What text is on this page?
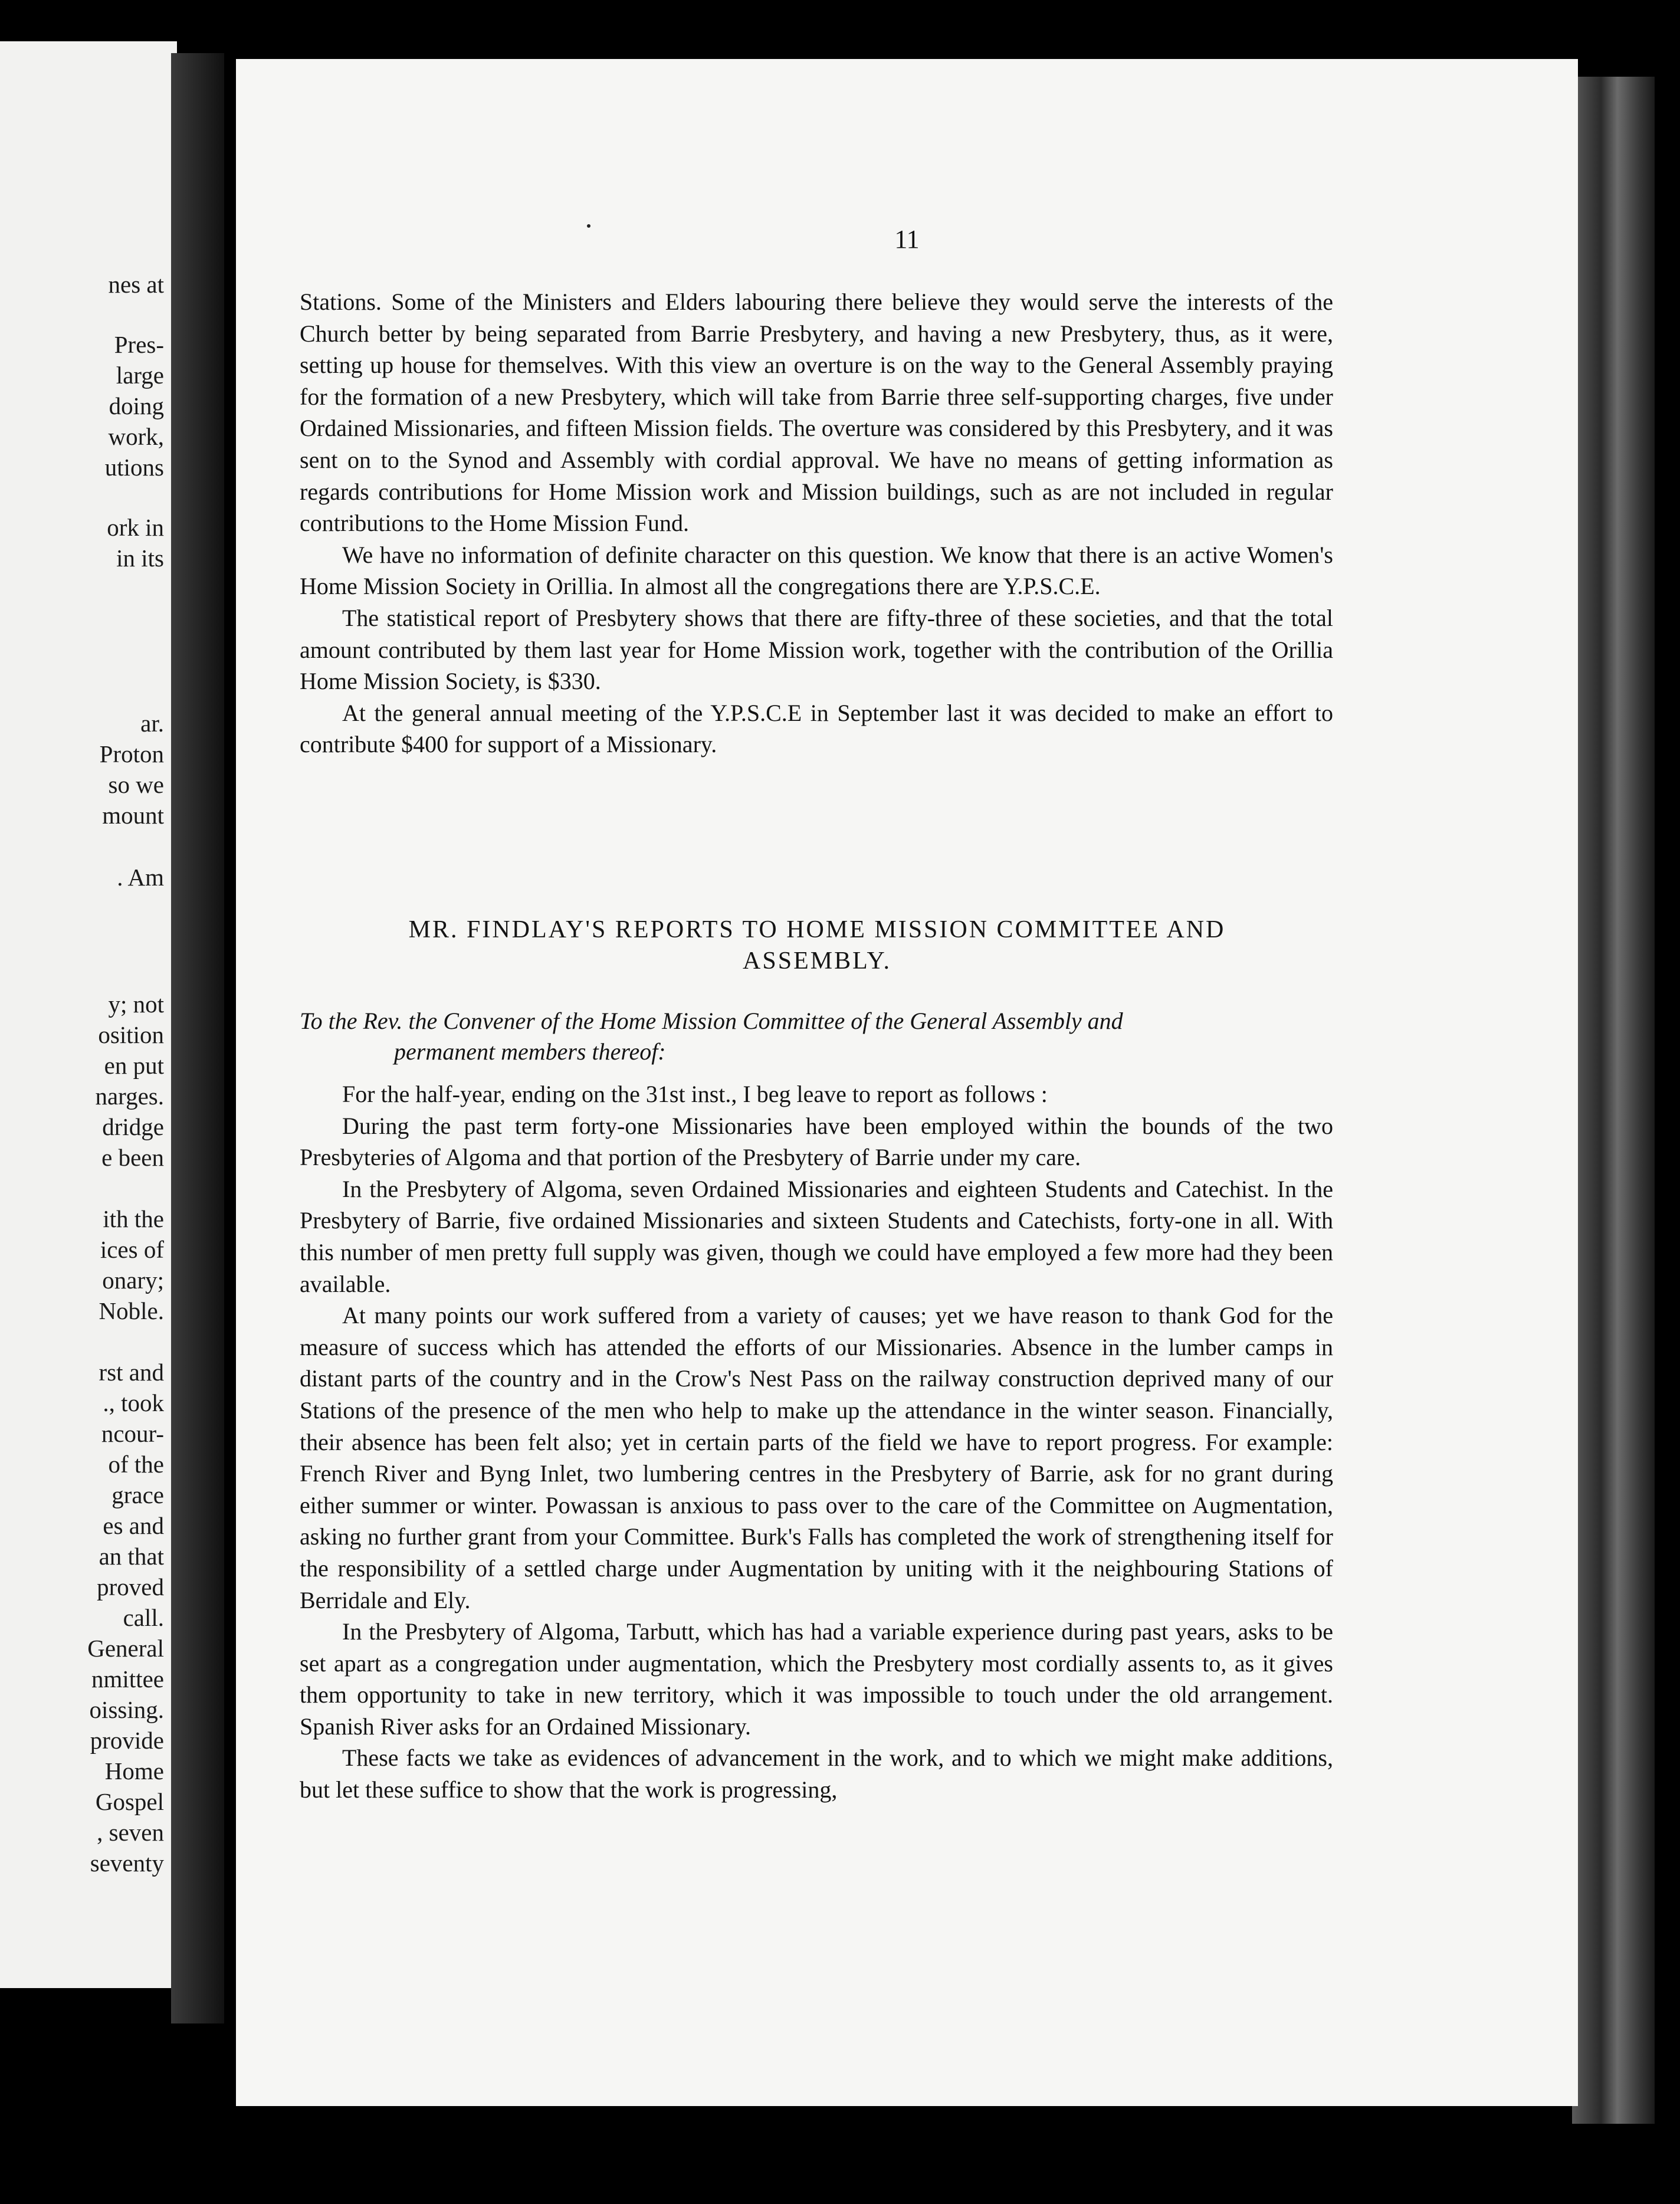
nes at
Pres-
large
doing
work,
utions
ork in
in its
ar.
Proton
so we
mount
. Am
y; not
osition
en put
narges.
dridge
e been
ith the
ices of
onary;
Noble.
rst and
., took
ncour-
of the
grace
es and
an that
proved
call.
General
nmittee
oissing.
provide
Home
Gospel
, seven
seventy
11

Stations. Some of the Ministers and Elders labouring there believe they would serve the interests of the Church better by being separated from Barrie Presbytery, and having a new Presbytery, thus, as it were, setting up house for themselves. With this view an overture is on the way to the General Assembly praying for the formation of a new Presbytery, which will take from Barrie three self-supporting charges, five under Ordained Missionaries, and fifteen Mission fields. The overture was considered by this Presbytery, and it was sent on to the Synod and Assembly with cordial approval. We have no means of getting information as regards contributions for Home Mission work and Mission buildings, such as are not included in regular contributions to the Home Mission Fund.

We have no information of definite character on this question. We know that there is an active Women's Home Mission Society in Orillia. In almost all the congregations there are Y.P.S.C.E.

The statistical report of Presbytery shows that there are fifty-three of these societies, and that the total amount contributed by them last year for Home Mission work, together with the contribution of the Orillia Home Mission Society, is $330.

At the general annual meeting of the Y.P.S.C.E in September last it was decided to make an effort to contribute $400 for support of a Missionary.

MR. FINDLAY'S REPORTS TO HOME MISSION COMMITTEE AND
ASSEMBLY.
To the Rev. the Convener of the Home Mission Committee of the General Assembly and
permanent members thereof:

For the half-year, ending on the 31st inst., I beg leave to report as follows :

During the past term forty-one Missionaries have been employed within the bounds of the two Presbyteries of Algoma and that portion of the Presbytery of Barrie under my care.

In the Presbytery of Algoma, seven Ordained Missionaries and eighteen Students and Catechist. In the Presbytery of Barrie, five ordained Missionaries and sixteen Students and Catechists, forty-one in all. With this number of men pretty full supply was given, though we could have employed a few more had they been available.

At many points our work suffered from a variety of causes; yet we have reason to thank God for the measure of success which has attended the efforts of our Missionaries. Absence in the lumber camps in distant parts of the country and in the Crow's Nest Pass on the railway construction deprived many of our Stations of the presence of the men who help to make up the attendance in the winter season. Financially, their absence has been felt also; yet in certain parts of the field we have to report progress. For example: French River and Byng Inlet, two lumbering centres in the Presbytery of Barrie, ask for no grant during either summer or winter. Powassan is anxious to pass over to the care of the Committee on Augmentation, asking no further grant from your Committee. Burk's Falls has completed the work of strengthening itself for the responsibility of a settled charge under Augmentation by uniting with it the neighbouring Stations of Berridale and Ely.

In the Presbytery of Algoma, Tarbutt, which has had a variable experience during past years, asks to be set apart as a congregation under augmentation, which the Presbytery most cordially assents to, as it gives them opportunity to take in new territory, which it was impossible to touch under the old arrangement. Spanish River asks for an Ordained Missionary.

These facts we take as evidences of advancement in the work, and to which we might make additions, but let these suffice to show that the work is progressing,
